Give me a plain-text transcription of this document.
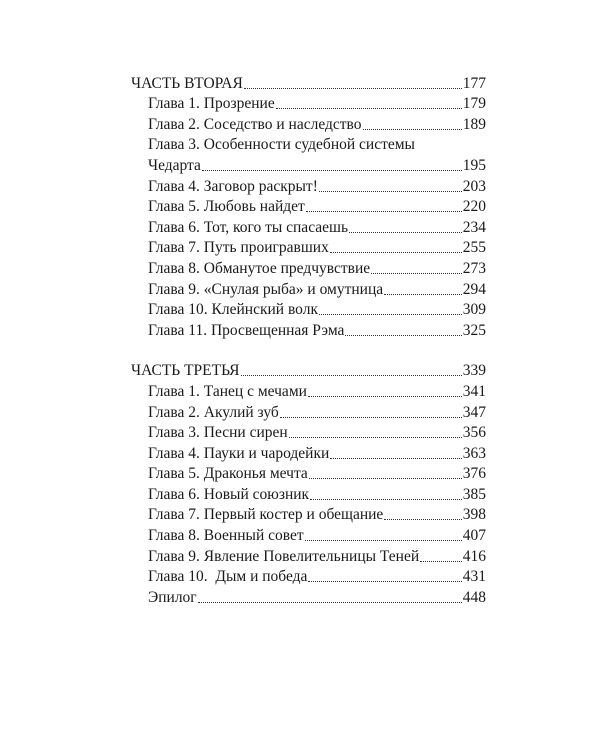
ЧАСТЬ ВТОРАЯ	177
Глава 1. Прозрение	179
Глава 2. Соседство и наследство	189
Глава 3. Особенности судебной системы
Чедарта	195
Глава 4. Заговор раскрыт!	203
Глава 5. Любовь найдет	220
Глава 6. Тот, кого ты спасаешь	234
Глава 7. Путь проигравших	255
Глава 8. Обманутое предчувствие	273
Глава 9. «Снулая рыба» и омутница	294
Глава 10. Клейнский волк	309
Глава 11. Просвещенная Рэма	325
ЧАСТЬ ТРЕТЬЯ	339
Глава 1. Танец с мечами	341
Глава 2. Акулий зуб	347
Глава 3. Песни сирен	356
Глава 4. Пауки и чародейки	363
Глава 5. Драконья мечта	376
Глава 6. Новый союзник	385
Глава 7. Первый костер и обещание	398
Глава 8. Военный совет	407
Глава 9. Явление Повелительницы Теней	416
Глава 10.  Дым и победа	431
Эпилог	448
